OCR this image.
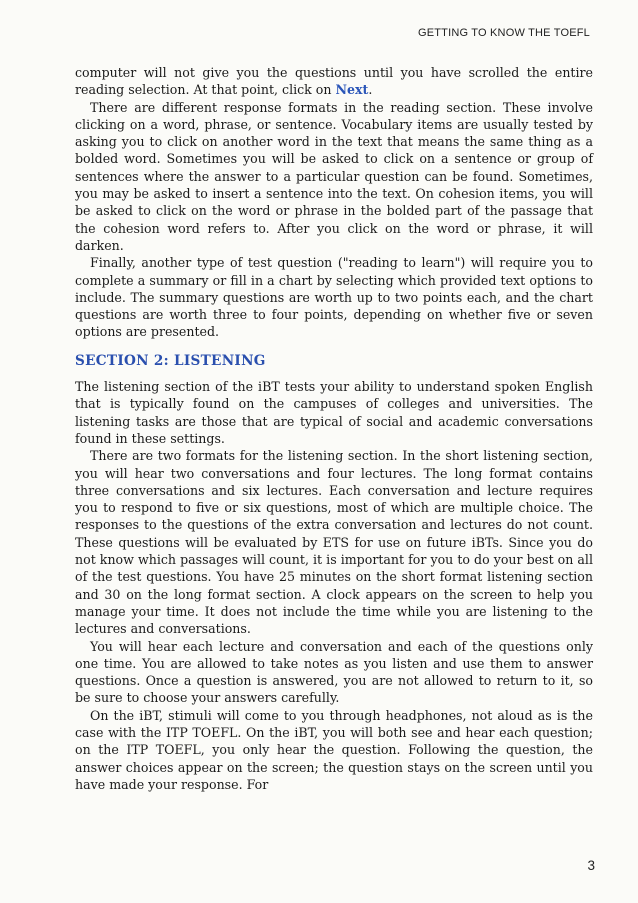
GETTING TO KNOW THE TOEFL

computer will not give you the questions until you have scrolled the entire reading selection. At that point, click on Next.

There are different response formats in the reading section. These involve clicking on a word, phrase, or sentence. Vocabulary items are usually tested by asking you to click on another word in the text that means the same thing as a bolded word. Sometimes you will be asked to click on a sentence or group of sentences where the answer to a particular question can be found. Sometimes, you may be asked to insert a sentence into the text. On cohesion items, you will be asked to click on the word or phrase in the bolded part of the passage that the cohesion word refers to. After you click on the word or phrase, it will darken.

Finally, another type of test question ("reading to learn") will require you to complete a summary or fill in a chart by selecting which provided text options to include. The summary questions are worth up to two points each, and the chart questions are worth three to four points, depending on whether five or seven options are presented.

SECTION 2: LISTENING

The listening section of the iBT tests your ability to understand spoken English that is typically found on the campuses of colleges and universities. The listening tasks are those that are typical of social and academic conversations found in these settings.

There are two formats for the listening section. In the short listening section, you will hear two conversations and four lectures. The long format contains three conversations and six lectures. Each conversation and lecture requires you to respond to five or six questions, most of which are multiple choice. The responses to the questions of the extra conversation and lectures do not count. These questions will be evaluated by ETS for use on future iBTs. Since you do not know which passages will count, it is important for you to do your best on all of the test questions. You have 25 minutes on the short format listening section and 30 on the long format section. A clock appears on the screen to help you manage your time. It does not include the time while you are listening to the lectures and conversations.

You will hear each lecture and conversation and each of the questions only one time. You are allowed to take notes as you listen and use them to answer questions. Once a question is answered, you are not allowed to return to it, so be sure to choose your answers carefully.

On the iBT, stimuli will come to you through headphones, not aloud as is the case with the ITP TOEFL. On the iBT, you will both see and hear each question; on the ITP TOEFL, you only hear the question. Following the question, the answer choices appear on the screen; the question stays on the screen until you have made your response. For

3
